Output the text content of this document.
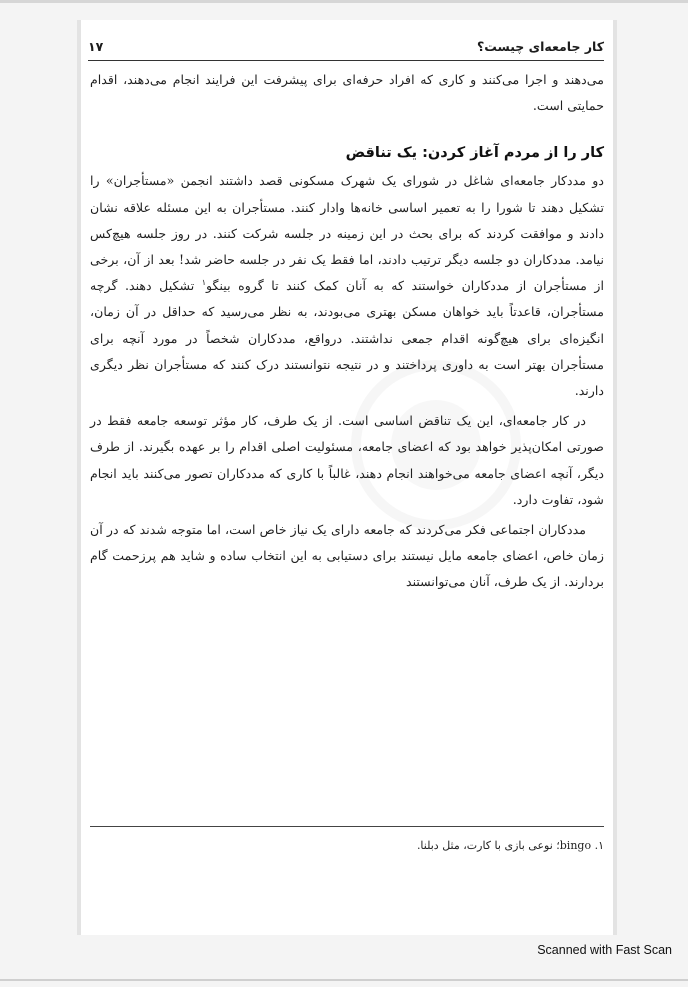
کار جامعه‌ای چیست؟
۱۷

می‌دهند و اجرا می‌کنند و کاری که افراد حرفه‌ای برای پیشرفت این فرایند انجام می‌دهند، اقدام حمایتی است.

کار را از مردم آغاز کردن: یک تناقض

دو مددکار جامعه‌ای شاغل در شورای یک شهرک مسکونی قصد داشتند انجمن «مستأجران» را تشکیل دهند تا شورا را به تعمیر اساسی خانه‌ها وادار کنند. مستأجران به این مسئله علاقه نشان دادند و موافقت کردند که برای بحث در این زمینه در جلسه شرکت کنند. در روز جلسه هیچ‌کس نیامد. مددکاران دو جلسه دیگر ترتیب دادند، اما فقط یک نفر در جلسه حاضر شد! بعد از آن، برخی از مستأجران از مددکاران خواستند که به آنان کمک کنند تا گروه بینگو$^۱$ تشکیل دهند. گرچه مستأجران، قاعدتاً باید خواهان مسکن بهتری می‌بودند، به نظر می‌رسید که حداقل در آن زمان، انگیزه‌ای برای هیچ‌گونه اقدام جمعی نداشتند. درواقع، مددکاران شخصاً در مورد آنچه برای مستأجران بهتر است به داوری پرداختند و در نتیجه نتوانستند درک کنند که مستأجران نظر دیگری دارند.

در کار جامعه‌ای، این یک تناقض اساسی است. از یک طرف، کار مؤثر توسعه جامعه فقط در صورتی امکان‌پذیر خواهد بود که اعضای جامعه، مسئولیت اصلی اقدام را بر عهده بگیرند. از طرف دیگر، آنچه اعضای جامعه می‌خواهند انجام دهند، غالباً با کاری که مددکاران تصور می‌کنند باید انجام شود، تفاوت دارد.

مددکاران اجتماعی فکر می‌کردند که جامعه دارای یک نیاز خاص است، اما متوجه شدند که در آن زمان خاص، اعضای جامعه مایل نیستند برای دستیابی به این انتخاب ساده و شاید هم پرزحمت گام بردارند. از یک طرف، آنان می‌توانستند

۱. bingo؛ نوعی بازی با کارت، مثل دبلنا.
Scanned with Fast Scan
